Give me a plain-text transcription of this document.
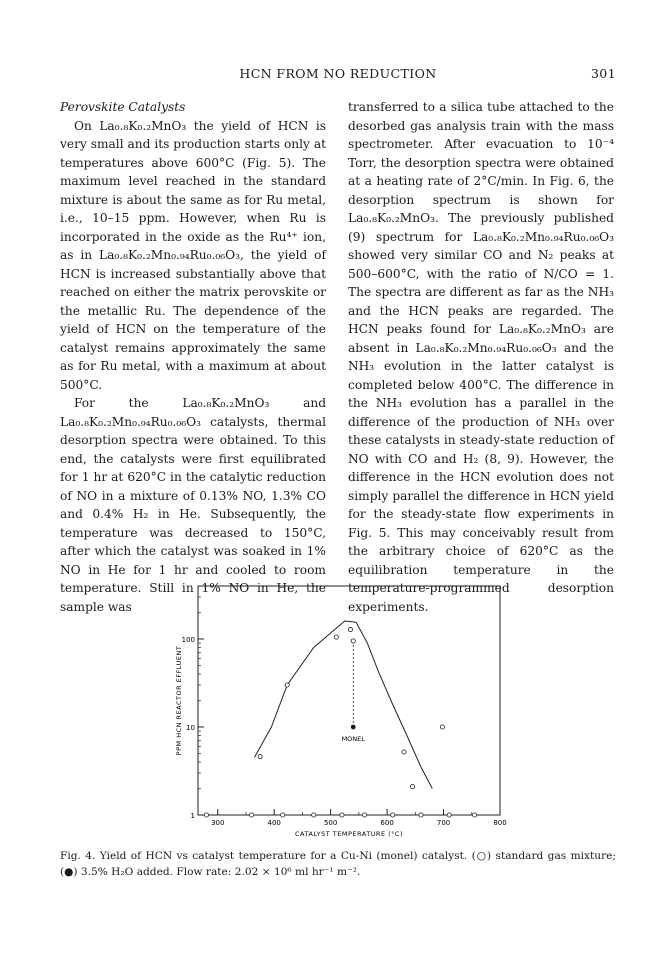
HCN FROM NO REDUCTION	301

Perovskite Catalysts

On La₀.₈K₀.₂MnO₃ the yield of HCN is very small and its production starts only at temperatures above 600°C (Fig. 5). The maximum level reached in the standard mixture is about the same as for Ru metal, i.e., 10–15 ppm. However, when Ru is incorporated in the oxide as the Ru⁴⁺ ion, as in La₀.₈K₀.₂Mn₀.₉₄Ru₀.₀₆O₃, the yield of HCN is increased substantially above that reached on either the matrix perovskite or the metallic Ru. The dependence of the yield of HCN on the temperature of the catalyst remains approximately the same as for Ru metal, with a maximum at about 500°C.

For the La₀.₈K₀.₂MnO₃ and La₀.₈K₀.₂Mn₀.₉₄Ru₀.₀₆O₃ catalysts, thermal desorption spectra were obtained. To this end, the catalysts were first equilibrated for 1 hr at 620°C in the catalytic reduction of NO in a mixture of 0.13% NO, 1.3% CO and 0.4% H₂ in He. Subsequently, the temperature was decreased to 150°C, after which the catalyst was soaked in 1% NO in He for 1 hr and cooled to room temperature. Still in 1% NO in He, the sample was

transferred to a silica tube attached to the desorbed gas analysis train with the mass spectrometer. After evacuation to 10⁻⁴ Torr, the desorption spectra were obtained at a heating rate of 2°C/min. In Fig. 6, the desorption spectrum is shown for La₀.₈K₀.₂MnO₃. The previously published (9) spectrum for La₀.₈K₀.₂Mn₀.₉₄Ru₀.₀₆O₃ showed very similar CO and N₂ peaks at 500–600°C, with the ratio of N/CO = 1. The spectra are different as far as the NH₃ and the HCN peaks are regarded. The HCN peaks found for La₀.₈K₀.₂MnO₃ are absent in La₀.₈K₀.₂Mn₀.₉₄Ru₀.₀₆O₃ and the NH₃ evolution in the latter catalyst is completed below 400°C. The difference in the NH₃ evolution has a parallel in the difference of the production of NH₃ over these catalysts in steady-state reduction of NO with CO and H₂ (8, 9). However, the difference in the HCN evolution does not simply parallel the difference in HCN yield for the steady-state flow experiments in Fig. 5. This may conceivably result from the arbitrary choice of 620°C as the equilibration temperature in the temperature-programmed desorption experiments.

100
10
1
300	400	500	600	700	800
CATALYST TEMPERATURE (°C)
PPM HCN REACTOR EFFLUENT	MONEL
Fig. 4. Yield of HCN vs catalyst temperature for a Cu-Ni (monel) catalyst. (○) standard gas mixture; (●) 3.5% H₂O added. Flow rate: 2.02 × 10⁶ ml hr⁻¹ m⁻².
